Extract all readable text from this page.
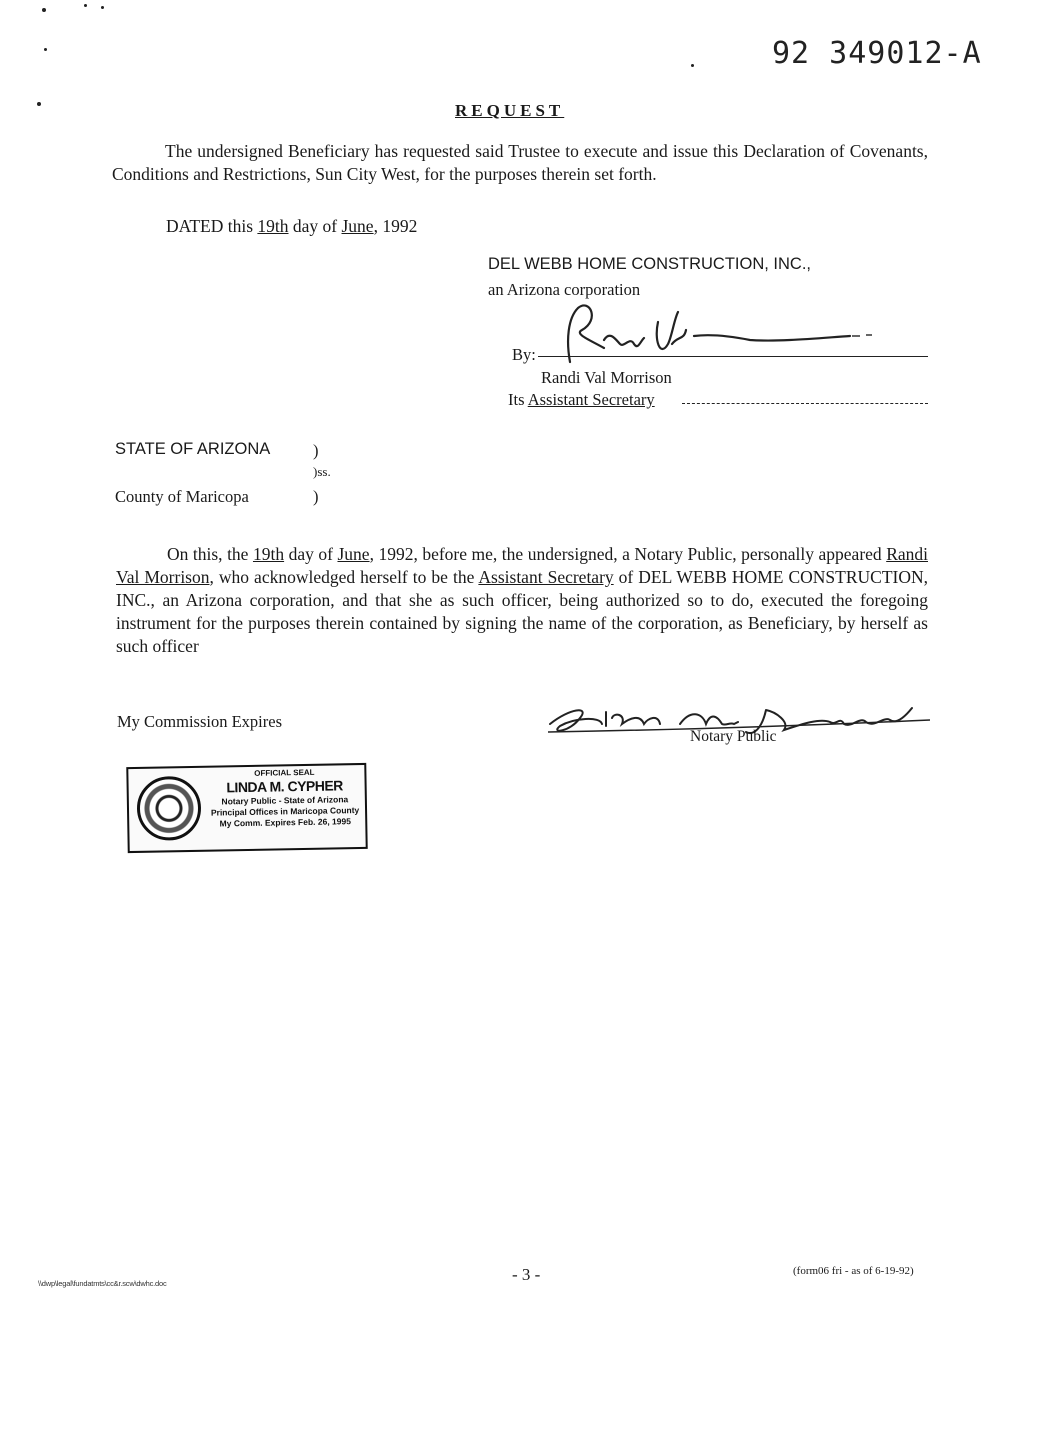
92 349012-A
REQUEST
The undersigned Beneficiary has requested said Trustee to execute and issue this Declaration of Covenants, Conditions and Restrictions, Sun City West, for the purposes therein set forth.
DATED this 19th day of June, 1992
DEL WEBB HOME CONSTRUCTION, INC.,
an Arizona corporation
By:
Randi Val Morrison
Its Assistant Secretary
STATE OF ARIZONA	)
)ss.
County of Maricopa	)
On this, the 19th day of June, 1992, before me, the undersigned, a Notary Public, personally appeared Randi Val Morrison, who acknowledged herself to be the Assistant Secretary of DEL WEBB HOME CONSTRUCTION, INC., an Arizona corporation, and that she as such officer, being authorized so to do, executed the foregoing instrument for the purposes therein contained by signing the name of the corporation, as Beneficiary, by herself as such officer
My Commission Expires
Notary Public
OFFICIAL SEAL
LINDA M. CYPHER
Notary Public - State of Arizona
Principal Offices in Maricopa County
My Comm. Expires Feb. 26, 1995
- 3 -	(form06 fri - as of 6-19-92)
\\dwp\legal\fundatmts\cc&r.scw\dwhc.doc
